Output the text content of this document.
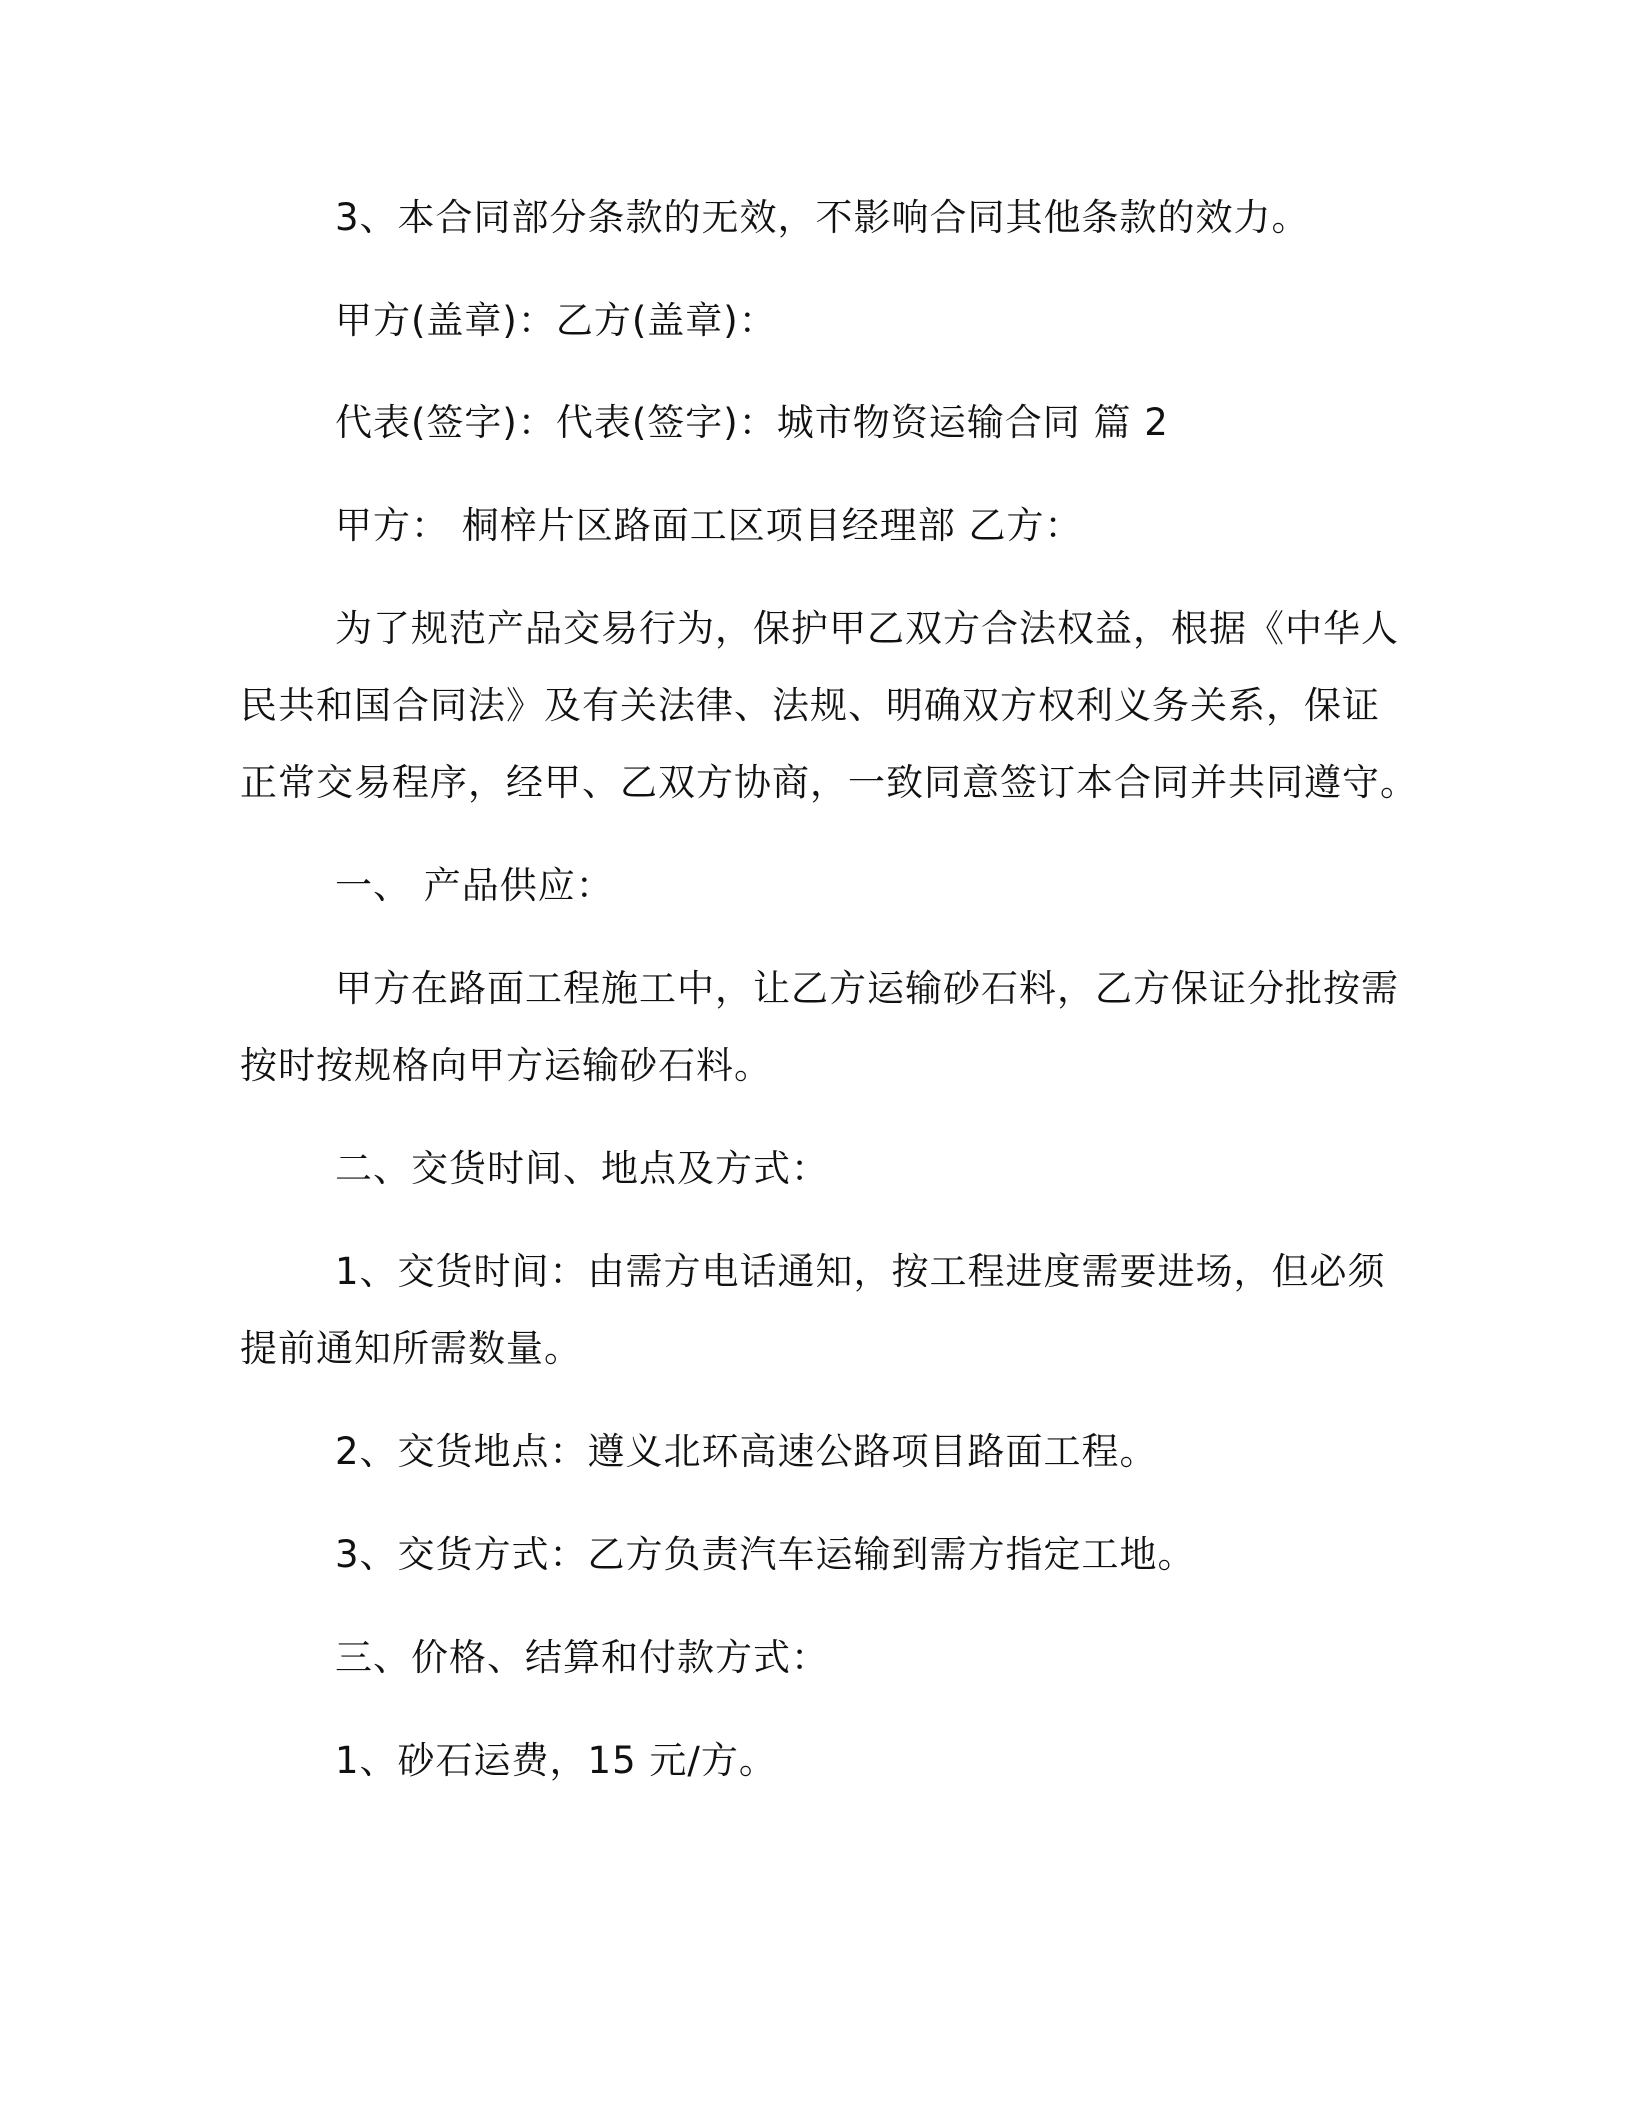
3、本合同部分条款的无效，不影响合同其他条款的效力。
甲方(盖章)：乙方(盖章)：
代表(签字)：代表(签字)：城市物资运输合同 篇 2
甲方： 桐梓片区路面工区项目经理部 乙方：
为了规范产品交易行为，保护甲乙双方合法权益，根据《中华人
民共和国合同法》及有关法律、法规、明确双方权利义务关系，保证
正常交易程序，经甲、乙双方协商，一致同意签订本合同并共同遵守。
一、 产品供应：
甲方在路面工程施工中，让乙方运输砂石料，乙方保证分批按需
按时按规格向甲方运输砂石料。
二、交货时间、地点及方式：
1、交货时间：由需方电话通知，按工程进度需要进场，但必须
提前通知所需数量。
2、交货地点：遵义北环高速公路项目路面工程。
3、交货方式：乙方负责汽车运输到需方指定工地。
三、价格、结算和付款方式：
1、砂石运费，15 元/方。
